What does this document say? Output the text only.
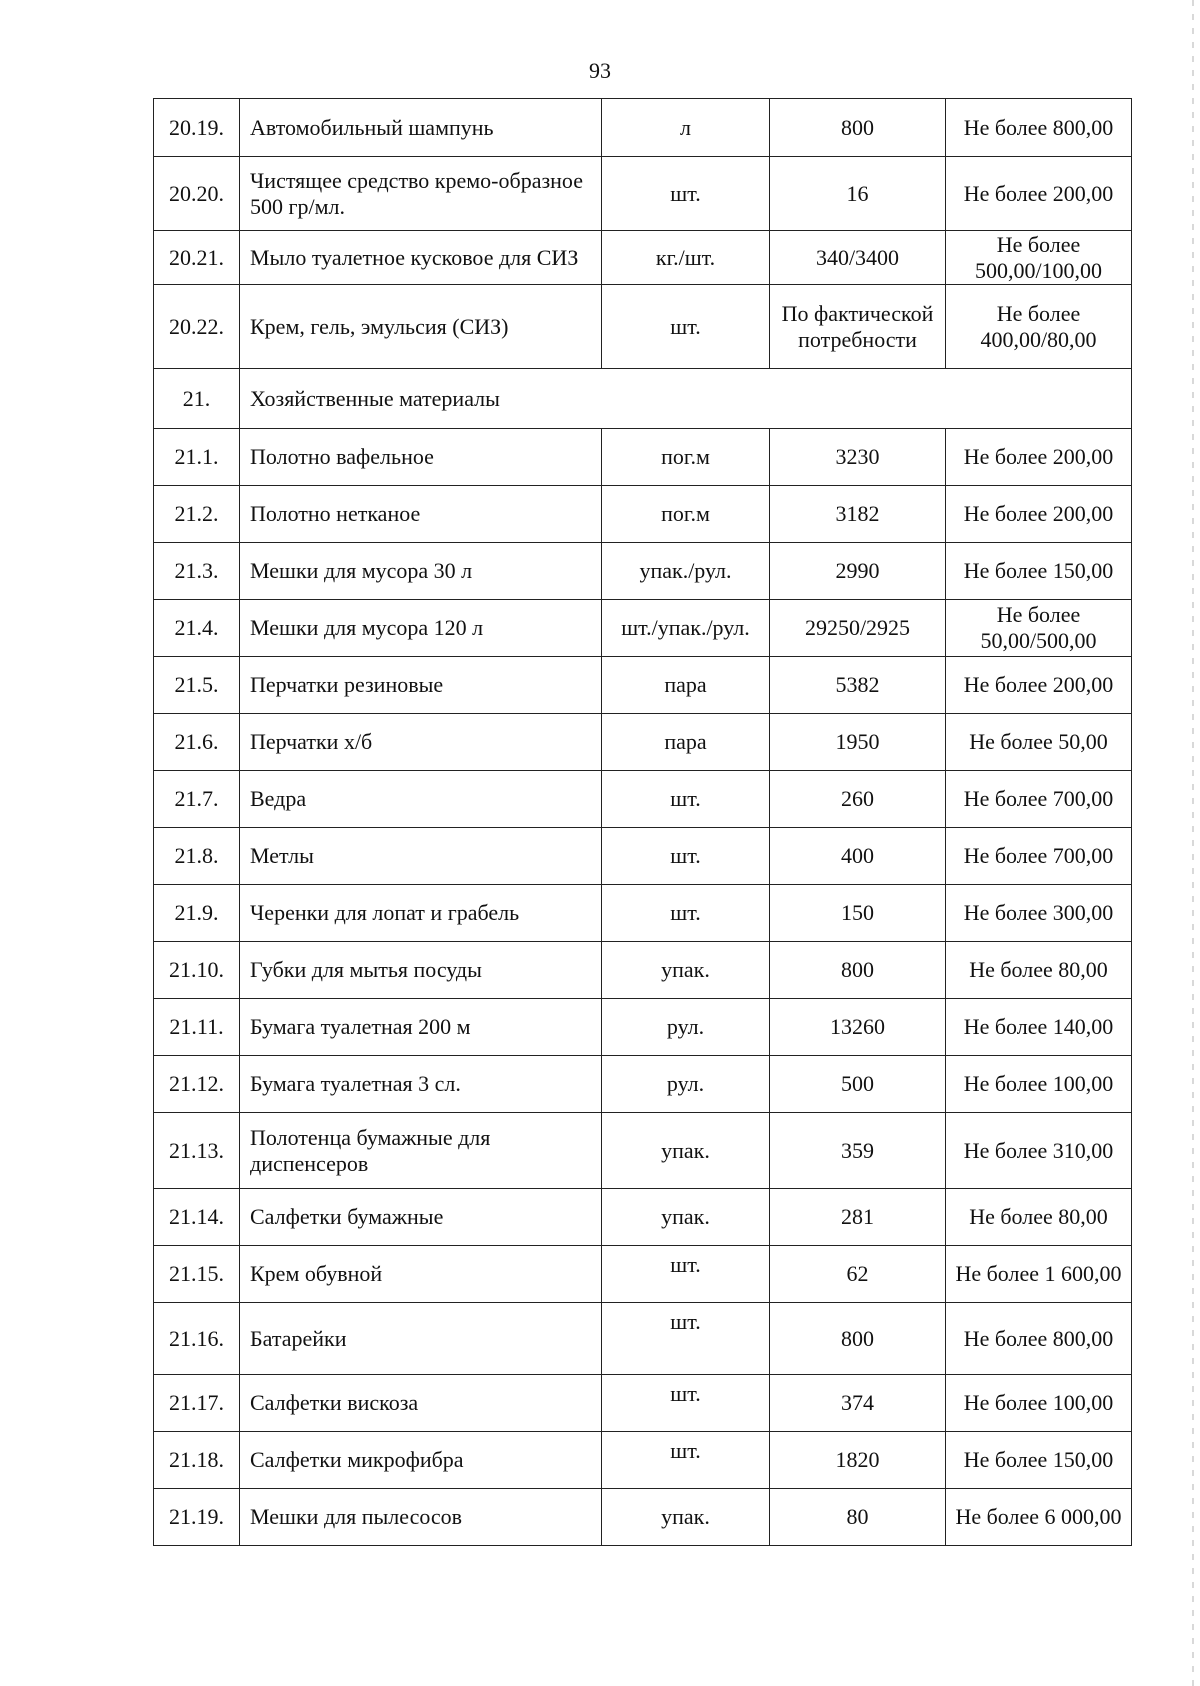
93
20.19.	Автомобильный шампунь	л	800	Не более 800,00
20.20.	Чистящее средство кремо-образное 500 гр/мл.	шт.	16	Не более 200,00
20.21.	Мыло туалетное кусковое для СИЗ	кг./шт.	340/3400	Не более 500,00/100,00
20.22.	Крем, гель, эмульсия (СИЗ)	шт.	По фактической потребности	Не более 400,00/80,00
21.	Хозяйственные материалы			
21.1.	Полотно вафельное	пог.м	3230	Не более 200,00
21.2.	Полотно нетканое	пог.м	3182	Не более 200,00
21.3.	Мешки для мусора 30 л	упак./рул.	2990	Не более 150,00
21.4.	Мешки для мусора 120 л	шт./упак./рул.	29250/2925	Не более 50,00/500,00
21.5.	Перчатки резиновые	пара	5382	Не более 200,00
21.6.	Перчатки х/б	пара	1950	Не более 50,00
21.7.	Ведра	шт.	260	Не более 700,00
21.8.	Метлы	шт.	400	Не более 700,00
21.9.	Черенки для лопат и грабель	шт.	150	Не более 300,00
21.10.	Губки для мытья посуды	упак.	800	Не более 80,00
21.11.	Бумага туалетная 200 м	рул.	13260	Не более 140,00
21.12.	Бумага туалетная 3 сл.	рул.	500	Не более 100,00
21.13.	Полотенца бумажные для диспенсеров	упак.	359	Не более 310,00
21.14.	Салфетки бумажные	упак.	281	Не более 80,00
21.15.	Крем обувной	шт.	62	Не более 1 600,00
21.16.	Батарейки	шт.	800	Не более 800,00
21.17.	Салфетки вискоза	шт.	374	Не более 100,00
21.18.	Салфетки микрофибра	шт.	1820	Не более 150,00
21.19.	Мешки для пылесосов	упак.	80	Не более 6 000,00
